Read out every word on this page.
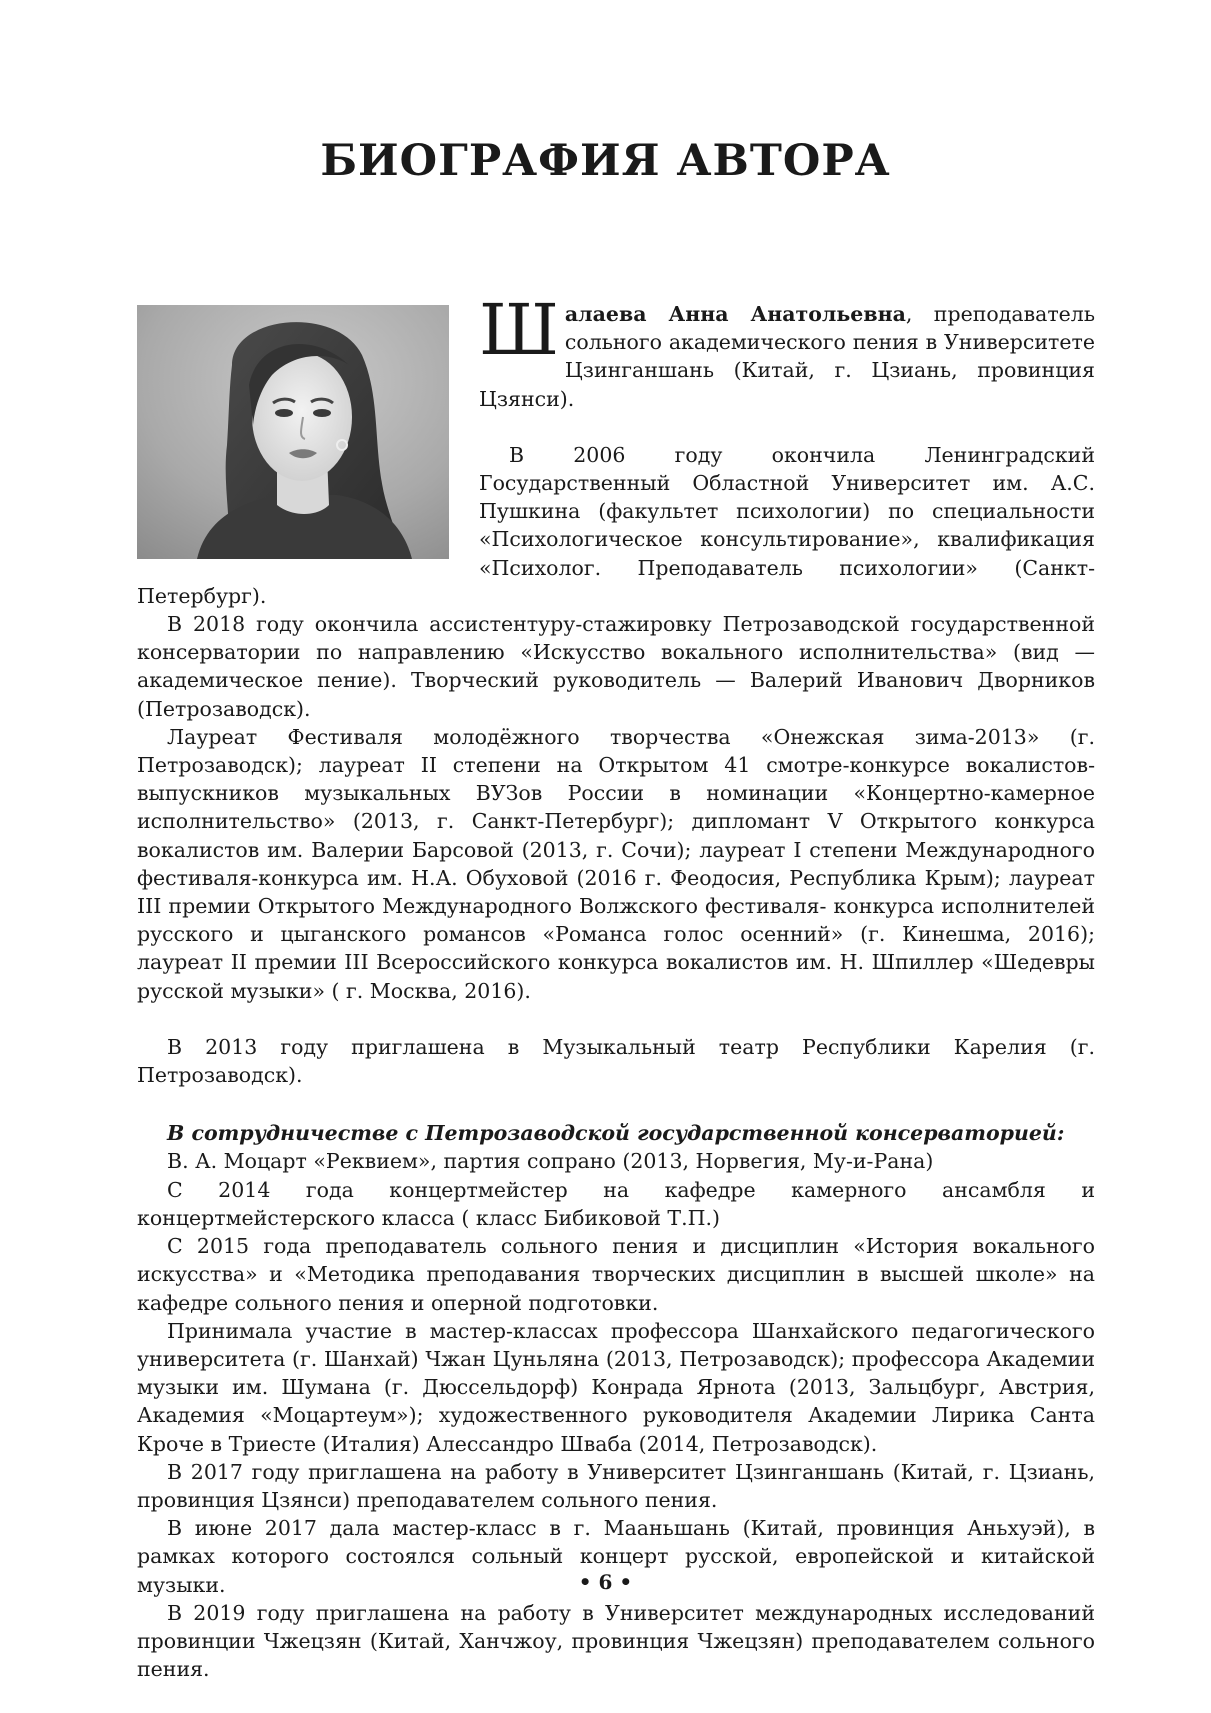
БИОГРАФИЯ АВТОРА

Шалаева Анна Анатольевна, преподаватель сольного академического пения в Университете Цзинганшань (Китай, г. Цзиань, провинция Цзянси).

В 2006 году окончила Ленинградский Государственный Областной Университет им. А.С. Пушкина (факультет психологии) по специальности «Психологическое консультирование», квалификация «Психолог. Преподаватель психологии» (Санкт-Петербург).

В 2018 году окончила ассистентуру-стажировку Петрозаводской государственной консерватории по направлению «Искусство вокального исполнительства» (вид — академическое пение). Творческий руководитель — Валерий Иванович Дворников (Петрозаводск).

Лауреат Фестиваля молодёжного творчества «Онежская зима-2013» (г. Петрозаводск); лауреат II степени на Открытом 41 смотре-конкурсе вокалистов-выпускников музыкальных ВУЗов России в номинации «Концертно-камерное исполнительство» (2013, г. Санкт-Петербург); дипломант V Открытого конкурса вокалистов им. Валерии Барсовой (2013, г. Сочи); лауреат I степени Международного фестиваля-конкурса им. Н.А. Обуховой (2016 г. Феодосия, Республика Крым); лауреат III премии Открытого Международного Волжского фестиваля- конкурса исполнителей русского и цыганского романсов «Романса голос осенний» (г. Кинешма, 2016); лауреат II премии III Всероссийского конкурса вокалистов им. Н. Шпиллер «Шедевры русской музыки» ( г. Москва, 2016).

В 2013 году приглашена в Музыкальный театр Республики Карелия (г. Петрозаводск).

В сотрудничестве с Петрозаводской государственной консерваторией:

В. А. Моцарт «Реквием», партия сопрано (2013, Норвегия, Му-и-Рана)

С 2014 года концертмейстер на кафедре камерного ансамбля и концертмейстерского класса ( класс Бибиковой Т.П.)

С 2015 года преподаватель сольного пения и дисциплин «История вокального искусства» и «Методика преподавания творческих дисциплин в высшей школе» на кафедре сольного пения и оперной подготовки.

Принимала участие в мастер-классах профессора Шанхайского педагогического университета (г. Шанхай) Чжан Цуньляна (2013, Петрозаводск); профессора Академии музыки им. Шумана (г. Дюссельдорф) Конрада Ярнота (2013, Зальцбург, Австрия, Академия «Моцартеум»); художественного руководителя Академии Лирика Санта Кроче в Триесте (Италия) Алессандро Шваба (2014, Петрозаводск).

В 2017 году приглашена на работу в Университет Цзинганшань (Китай, г. Цзиань, провинция Цзянси) преподавателем сольного пения.

В июне 2017 дала мастер-класс в г. Мааньшань (Китай, провинция Аньхуэй), в рамках которого состоялся сольный концерт русской, европейской и китайской музыки.

В 2019 году приглашена на работу в Университет международных исследований провинции Чжецзян (Китай, Ханчжоу, провинция Чжецзян) преподавателем сольного пения.

• 6 •
